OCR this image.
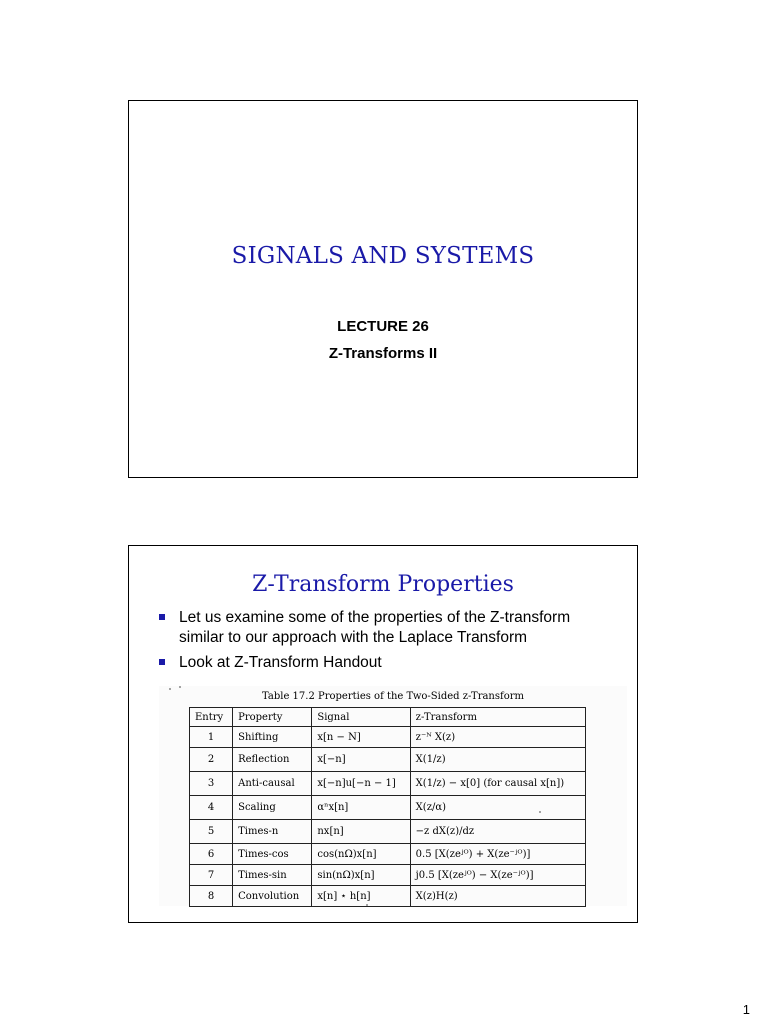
SIGNALS AND SYSTEMS
LECTURE 26
Z-Transforms II
Z-Transform Properties
Let us examine some of the properties of the Z-transform similar to our approach with the Laplace Transform
Look at Z-Transform Handout
Table 17.2 Properties of the Two-Sided z-Transform
Entry	Property	Signal	z-Transform
1	Shifting	x[n − N]	z⁻ᴺ X(z)
2	Reflection	x[−n]	X(1/z)
3	Anti-causal	x[−n]u[−n − 1]	X(1/z) − x[0] (for causal x[n])
4	Scaling	αⁿx[n]	X(z/α)
5	Times-n	nx[n]	−z dX(z)/dz
6	Times-cos	cos(nΩ)x[n]	0.5 [X(zeʲᴼ) + X(ze⁻ʲᴼ)]
7	Times-sin	sin(nΩ)x[n]	j0.5 [X(zeʲᴼ) − X(ze⁻ʲᴼ)]
8	Convolution	x[n] ⋆ h[n]	X(z)H(z)
1
